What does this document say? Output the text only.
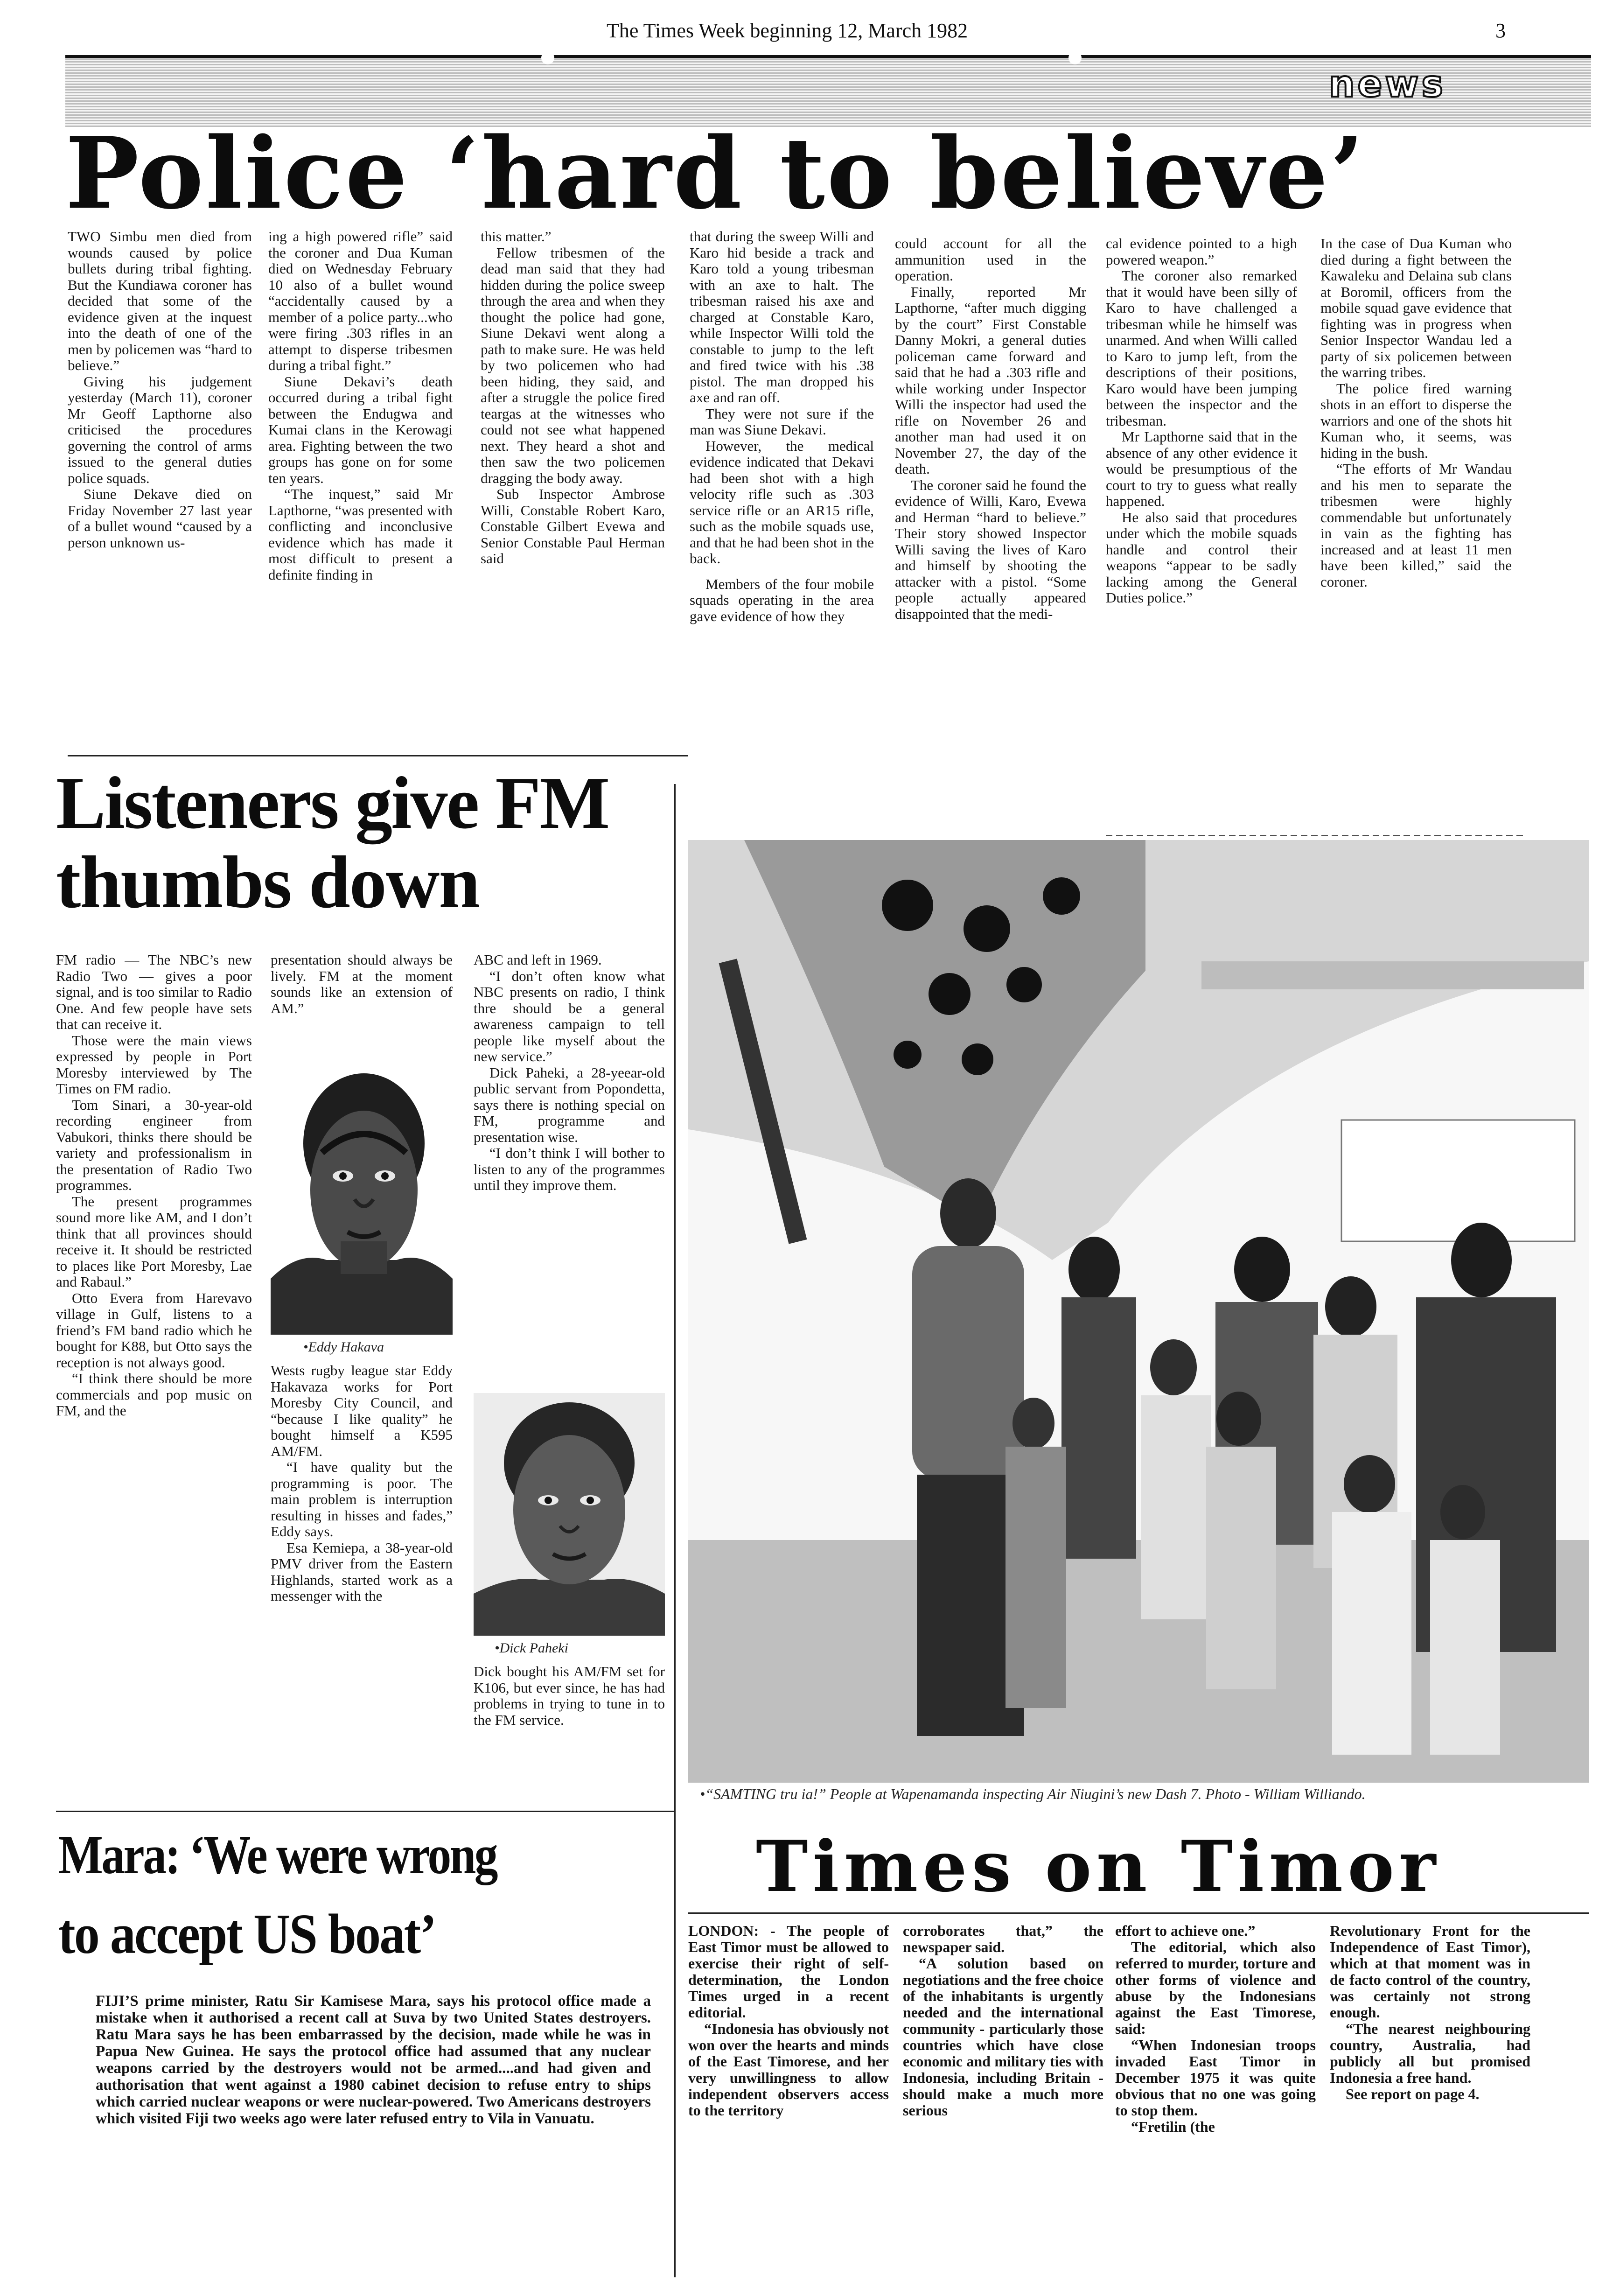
The Times Week beginning 12, March 1982	3
news
Police ‘hard to believe’

TWO Simbu men died from wounds caused by police bullets during tribal fighting. But the Kundiawa coroner has decided that some of the evidence given at the inquest into the death of one of the men by policemen was “hard to believe.”

Giving his judgement yesterday (March 11), coroner Mr Geoff Lapthorne also criticised the procedures governing the control of arms issued to the general duties police squads.

Siune Dekave died on Friday November 27 last year of a bullet wound “caused by a person unknown us-

ing a high powered rifle” said the coroner and Dua Kuman died on Wednesday February 10 also of a bullet wound “accidentally caused by a member of a police party...who were firing .303 rifles in an attempt to disperse tribesmen during a tribal fight.”

Siune Dekavi’s death occurred during a tribal fight between the Endugwa and Kumai clans in the Kerowagi area. Fighting between the two groups has gone on for some ten years.

“The inquest,” said Mr Lapthorne, “was presented with conflicting and inconclusive evidence which has made it most difficult to present a definite finding in

this matter.”

Fellow tribesmen of the dead man said that they had hidden during the police sweep through the area and when they thought the police had gone, Siune Dekavi went along a path to make sure. He was held by two policemen who had been hiding, they said, and after a struggle the police fired teargas at the witnesses who could not see what happened next. They heard a shot and then saw the two policemen dragging the body away.

Sub Inspector Ambrose Willi, Constable Robert Karo, Constable Gilbert Evewa and Senior Constable Paul Herman said

that during the sweep Willi and Karo hid beside a track and Karo told a young tribesman with an axe to halt. The tribesman raised his axe and charged at Constable Karo, while Inspector Willi told the constable to jump to the left and fired twice with his .38 pistol. The man dropped his axe and ran off.

They were not sure if the man was Siune Dekavi.

However, the medical evidence indicated that Dekavi had been shot with a high velocity rifle such as .303 service rifle or an AR15 rifle, such as the mobile squads use, and that he had been shot in the back.

Members of the four mobile squads operating in the area gave evidence of how they

could account for all the ammunition used in the operation.

Finally, reported Mr Lapthorne, “after much digging by the court” First Constable Danny Mokri, a general duties policeman came forward and said that he had a .303 rifle and while working under Inspector Willi the inspector had used the rifle on November 26 and another man had used it on November 27, the day of the death.

The coroner said he found the evidence of Willi, Karo, Evewa and Herman “hard to believe.” Their story showed Inspector Willi saving the lives of Karo and himself by shooting the attacker with a pistol. “Some people actually appeared disappointed that the medi-

cal evidence pointed to a high powered weapon.”

The coroner also remarked that it would have been silly of Karo to have challenged a tribesman while he himself was unarmed. And when Willi called to Karo to jump left, from the descriptions of their positions, Karo would have been jumping between the inspector and the tribesman.

Mr Lapthorne said that in the absence of any other evidence it would be presumptious of the court to try to guess what really happened.

He also said that procedures under which the mobile squads handle and control their weapons “appear to be sadly lacking among the General Duties police.”

In the case of Dua Kuman who died during a fight between the Kawaleku and Delaina sub clans at Boromil, officers from the mobile squad gave evidence that fighting was in progress when Senior Inspector Wandau led a party of six policemen between the warring tribes.

The police fired warning shots in an effort to disperse the warriors and one of the shots hit Kuman who, it seems, was hiding in the bush.

“The efforts of Mr Wandau and his men to separate the tribesmen were highly commendable but unfortunately in vain as the fighting has increased and at least 11 men have been killed,” said the coroner.

Listeners give FM
thumbs down

FM radio — The NBC’s new Radio Two — gives a poor signal, and is too similar to Radio One. And few people have sets that can receive it.

Those were the main views expressed by people in Port Moresby interviewed by The Times on FM radio.

Tom Sinari, a 30-year-old recording engineer from Vabukori, thinks there should be variety and professionalism in the presentation of Radio Two programmes.

The present programmes sound more like AM, and I don’t think that all provinces should receive it. It should be restricted to places like Port Moresby, Lae and Rabaul.”

Otto Evera from Harevavo village in Gulf, listens to a friend’s FM band radio which he bought for K88, but Otto says the reception is not always good.

“I think there should be more commercials and pop music on FM, and the

presentation should always be lively. FM at the moment sounds like an extension of AM.”

•Eddy Hakava

Wests rugby league star Eddy Hakavaza works for Port Moresby City Council, and “because I like quality” he bought himself a K595 AM/FM.

“I have quality but the programming is poor. The main problem is interruption resulting in hisses and fades,” Eddy says.

Esa Kemiepa, a 38-year-old PMV driver from the Eastern Highlands, started work as a messenger with the

ABC and left in 1969.

“I don’t often know what NBC presents on radio, I think thre should be a general awareness campaign to tell people like myself about the new service.”

Dick Paheki, a 28-yeear-old public servant from Popondetta, says there is nothing special on FM, programme and presentation wise.

“I don’t think I will bother to listen to any of the programmes until they improve them.

•Dick Paheki

Dick bought his AM/FM set for K106, but ever since, he has had problems in trying to tune in to the FM service.

•“SAMTING tru ia!” People at Wapenamanda inspecting Air Niugini’s new Dash 7. Photo - William Williando.
Mara: ‘We were wrong
to accept US boat’

FIJI’S prime minister, Ratu Sir Kamisese Mara, says his protocol office made a mistake when it authorised a recent call at Suva by two United States destroyers. Ratu Mara says he has been embarrassed by the decision, made while he was in Papua New Guinea. He says the protocol office had assumed that any nuclear weapons carried by the destroyers would not be armed....and had given and authorisation that went against a 1980 cabinet decision to refuse entry to ships which carried nuclear weapons or were nuclear-powered. Two Americans destroyers which visited Fiji two weeks ago were later refused entry to Vila in Vanuatu.

Times on Timor

LONDON: - The people of East Timor must be allowed to exercise their right of self-determination, the London Times urged in a recent editorial.

“Indonesia has obviously not won over the hearts and minds of the East Timorese, and her very unwillingness to allow independent observers access to the territory

corroborates that,” the newspaper said.

“A solution based on negotiations and the free choice of the inhabitants is urgently needed and the international community - particularly those countries which have close economic and military ties with Indonesia, including Britain - should make a much more serious

effort to achieve one.”

The editorial, which also referred to murder, torture and other forms of violence and abuse by the Indonesians against the East Timorese, said:

“When Indonesian troops invaded East Timor in December 1975 it was quite obvious that no one was going to stop them.

“Fretilin (the

Revolutionary Front for the Independence of East Timor), which at that moment was in de facto control of the country, was certainly not strong enough.

“The nearest neighbouring country, Australia, had publicly all but promised Indonesia a free hand.

See report on page 4.
